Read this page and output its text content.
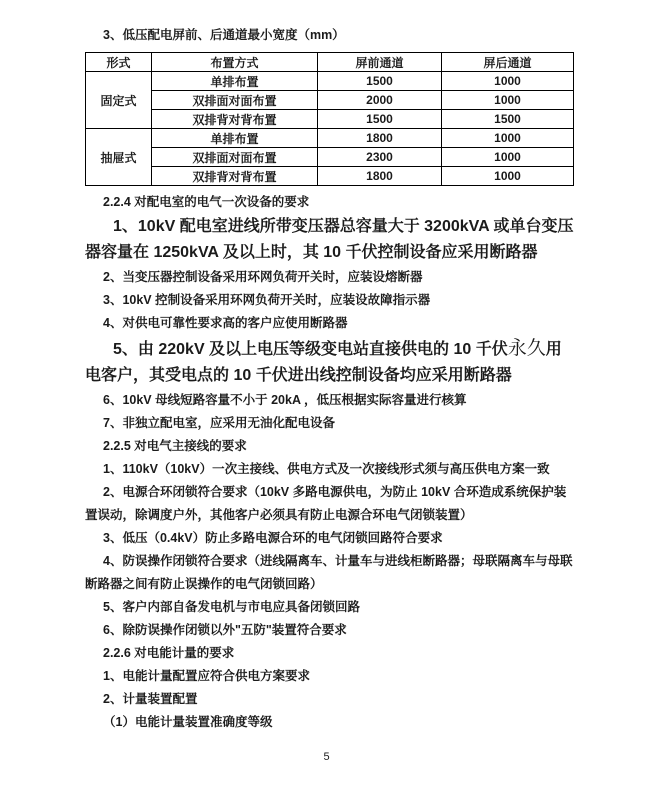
3、低压配电屏前、后通道最小宽度（mm）

形式	布置方式	屏前通道	屏后通道
固定式	单排布置	1500	1000
	双排面对面布置	2000	1000
	双排背对背布置	1500	1500
抽屉式	单排布置	1800	1000
	双排面对面布置	2300	1000
	双排背对背布置	1800	1000

2.2.4 对配电室的电气一次设备的要求

1、10kV 配电室进线所带变压器总容量大于 3200kVA 或单台变压器容量在 1250kVA 及以上时，其 10 千伏控制设备应采用断路器

2、当变压器控制设备采用环网负荷开关时，应装设熔断器

3、10kV 控制设备采用环网负荷开关时，应装设故障指示器

4、对供电可靠性要求高的客户应使用断路器

5、由 220kV 及以上电压等级变电站直接供电的 10 千伏永久用电客户，其受电点的 10 千伏进出线控制设备均应采用断路器

6、10kV 母线短路容量不小于 20kA ，低压根据实际容量进行核算

7、非独立配电室，应采用无油化配电设备

2.2.5 对电气主接线的要求

1、110kV（10kV）一次主接线、供电方式及一次接线形式须与高压供电方案一致

2、电源合环闭锁符合要求（10kV 多路电源供电，为防止 10kV 合环造成系统保护装置误动，除调度户外，其他客户必须具有防止电源合环电气闭锁装置）

3、低压（0.4kV）防止多路电源合环的电气闭锁回路符合要求

4、防误操作闭锁符合要求（进线隔离车、计量车与进线柜断路器；母联隔离车与母联断路器之间有防止误操作的电气闭锁回路）

5、客户内部自备发电机与市电应具备闭锁回路

6、除防误操作闭锁以外"五防"装置符合要求

2.2.6 对电能计量的要求

1、电能计量配置应符合供电方案要求

2、计量装置配置

（1）电能计量装置准确度等级

5
